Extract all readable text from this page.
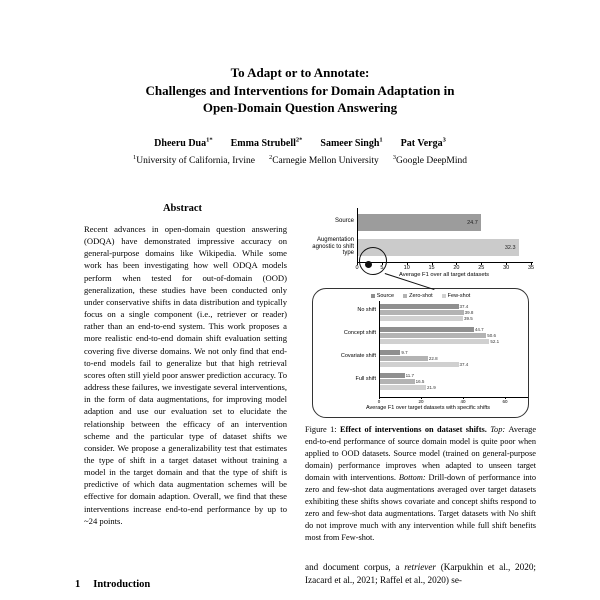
To Adapt or to Annotate:
Challenges and Interventions for Domain Adaptation in
Open-Domain Question Answering
Dheeru Dua$^{1*}$ Emma Strubell$^{2*}$ Sameer Singh$^1$ Pat Verga$^3$
$^1$University of California, Irvine $^2$Carnegie Mellon University $^3$Google DeepMind
Abstract
Recent advances in open-domain question answering (ODQA) have demonstrated impressive accuracy on general-purpose domains like Wikipedia. While some work has been investigating how well ODQA models perform when tested for out-of-domain (OOD) generalization, these studies have been conducted only under conservative shifts in data distribution and typically focus on a single component (i.e., retriever or reader) rather than an end-to-end system. This work proposes a more realistic end-to-end domain shift evaluation setting covering five diverse domains. We not only find that end-to-end models fail to generalize but that high retrieval scores often still yield poor answer prediction accuracy. To address these failures, we investigate several interventions, in the form of data augmentations, for improving model adaption and use our evaluation set to elucidate the relationship between the efficacy of an intervention scheme and the particular type of dataset shifts we consider. We propose a generalizability test that estimates the type of shift in a target dataset without training a model in the target domain and that the type of shift is predictive of which data augmentation schemes will be effective for domain adaption. Overall, we find that these interventions increase end-to-end performance by up to ~24 points.
1 Introduction
24.7
32.3
Source
Augmentation agnostic to shift type
0	5	10	15	20	25	30	35
Average F1 over all target datasets
Source	Zero-shot	Few-shot
No shift
37.4
39.8
39.5
Concept shift
44.7
50.6
52.1
Covariate shift
9.7
22.8
37.4
Full shift
11.7
16.5
21.9
0	20	40	60
Average F1 over target datasets with specific shifts
Figure 1: Effect of interventions on dataset shifts. Top: Average end-to-end performance of source domain model is quite poor when applied to OOD datasets. Source model (trained on general-purpose domain) performance improves when adapted to unseen target domain with interventions. Bottom: Drill-down of performance into zero and few-shot data augmentations averaged over target datasets exhibiting these shifts shows covariate and concept shifts respond to zero and few-shot data augmentations. Target datasets with No shift do not improve much with any intervention while full shift benefits most from Few-shot.
and document corpus, a retriever (Karpukhin et al., 2020; Izacard et al., 2021; Raffel et al., 2020) se-
